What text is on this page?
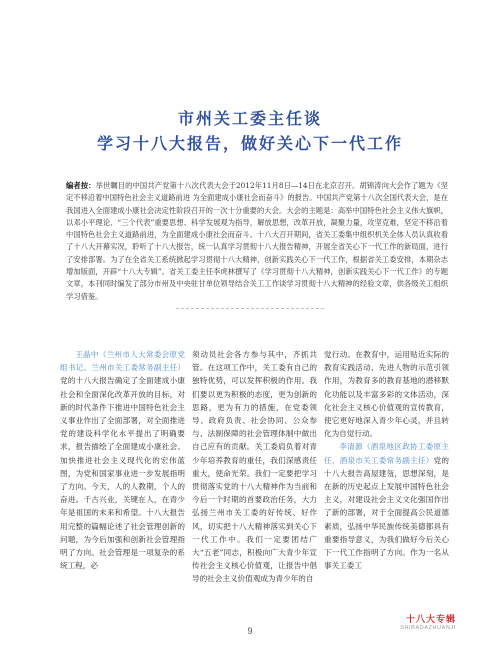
市州关工委主任谈
学习十八大报告，做好关心下一代工作
编者按：举世瞩目的中国共产党第十八次代表大会于2012年11月8日—14日在北京召开。胡锦涛向大会作了题为《坚定不移沿着中国特色社会主义道路前进 为全面建成小康社会而奋斗》的报告。中国共产党第十八次全国代表大会，是在我国进入全面建成小康社会决定性阶段召开的一次十分重要的大会。大会的主题是：高举中国特色社会主义伟大旗帜，以邓小平理论、“三个代表”重要思想、科学发展观为指导，解放思想，改革开放，凝聚力量，攻坚克难，坚定不移沿着中国特色社会主义道路前进，为全面建成小康社会而奋斗。十八大召开期间，省关工委集中组织机关全体人员认真收看了十八大开幕实况，聆听了十八大报告，统一认真学习贯彻十八大报告精神，开展全省关心下一代工作的新局面，进行了安排部署。为了在全省关工系统掀起学习贯彻十八大精神，创新实践关心下一代工作，根据省关工委安排，本期杂志增加版面，开辟“十八大专辑”。省关工委主任李虎林撰写了《学习贯彻十八大精神，创新实践关心下一代工作》的专题文章，本刊同时编发了部分市州及中央驻甘单位领导结合关工工作谈学习贯彻十八大精神的经验文章，供各级关工组织学习借鉴。

王晶中（兰州市人大常委会原党组书记、兰州市关工委常务副主任）党的十八大报告确定了全面建成小康社会和全面深化改革开放的目标，对新的时代条件下推进中国特色社会主义事业作出了全面部署，对全面推进党的建设科学化水平提出了明确要求，报告描绘了全面建成小康社会、加快推进社会主义现代化的宏伟蓝图，为党和国家事业进一步发展指明了方向。今天，人的人教期，个人的奋进。千古兴业，关键在人，在青少年是祖国的未来和希望。十八大报告用完整的篇幅论述了社会管理创新的问题，为今后加强和创新社会管理指明了方向。社会管理是一项复杂的系统工程，必

须动员社会各方参与其中，齐抓共管。在这项工作中，关工委有自己的独特优势，可以发挥积极的作用。我们要以更为积极的态度，更为创新的思路，更为有力的措施，在党委领导、政府负责、社会协同、公众参与、法制保障的社会管理体制中做出自己应有的贡献。关工委肩负着对青少年培养教育的重任，我们深感责任重大，使命光荣。我们一定要把学习贯彻落实党的十八大精神作为当前和今后一个时期的首要政治任务，大力弘扬兰州市关工委的好传统、好作风，切实把十八大精神落实到关心下一代工作中。我们一定要团结广大“五老”同志，积极向广大青少年宣传社会主义核心价值观，让报告中倡导的社会主义价值观成为青少年的自

觉行动。在教育中，运用贴近实际的教育实践活动、先进人物的示范引领作用，为教育多的教育基地的潜移默化功能以及丰富多彩的文体活动，深化社会主义核心价值观的宣传教育，使它更好地深入青少年心灵，并且转化为自觉行动。

李清源（酒泉地区政协工委原主任、酒泉市关工委常务副主任）党的十八大报告高屋建瓴，思想深刻，是在新的历史起点上发展中国特色社会主义，对建设社会主义文化强国作出了新的部署，对于全面提高公民道德素质，弘扬中华民族传统美德都具有重要指导意义，为我们做好今后关心下一代工作指明了方向。作为一名从事关工委工

9
十八大专辑
SHIBADAZHUANJI
